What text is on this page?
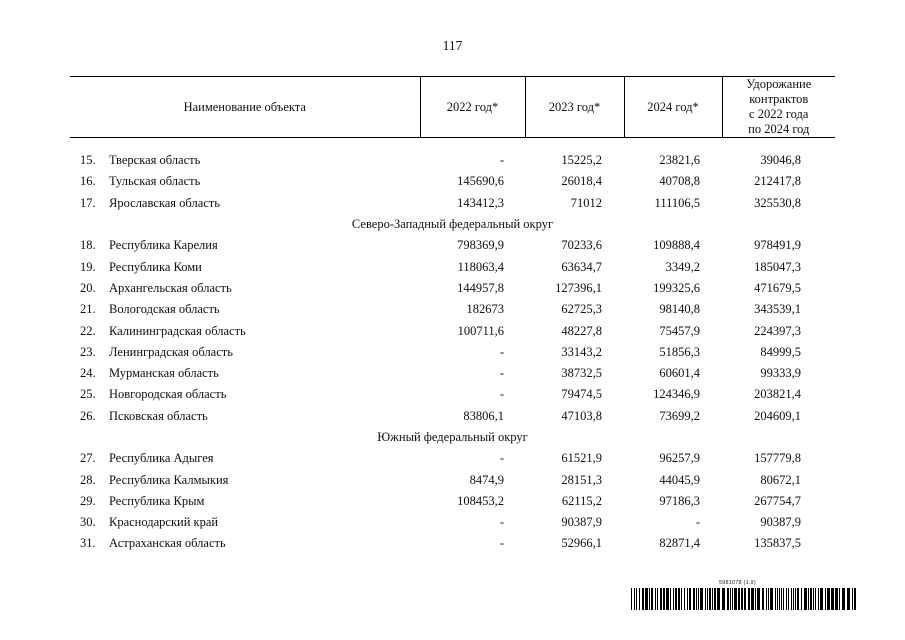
117
Наименование объекта		2022 год*	2023 год*	2024 год*	Удорожание
контрактов
с 2022 года
по 2024 год

15.	Тверская область	-	15225,2	23821,6	39046,8
16.	Тульская область	145690,6	26018,4	40708,8	212417,8
17.	Ярославская область	143412,3	71012	111106,5	325530,8
Северо-Западный федеральный округ					
18.	Республика Карелия	798369,9	70233,6	109888,4	978491,9
19.	Республика Коми	118063,4	63634,7	3349,2	185047,3
20.	Архангельская область	144957,8	127396,1	199325,6	471679,5
21.	Вологодская область	182673	62725,3	98140,8	343539,1
22.	Калининградская область	100711,6	48227,8	75457,9	224397,3
23.	Ленинградская область	-	33143,2	51856,3	84999,5
24.	Мурманская область	-	38732,5	60601,4	99333,9
25.	Новгородская область	-	79474,5	124346,9	203821,4
26.	Псковская область	83806,1	47103,8	73699,2	204609,1
Южный федеральный округ					
27.	Республика Адыгея	-	61521,9	96257,9	157779,8
28.	Республика Калмыкия	8474,9	28151,3	44045,9	80672,1
29.	Республика Крым	108453,2	62115,2	97186,3	267754,7
30.	Краснодарский край	-	90387,9	-	90387,9
31.	Астраханская область	-	52966,1	82871,4	135837,5
5981078 (1.9)
